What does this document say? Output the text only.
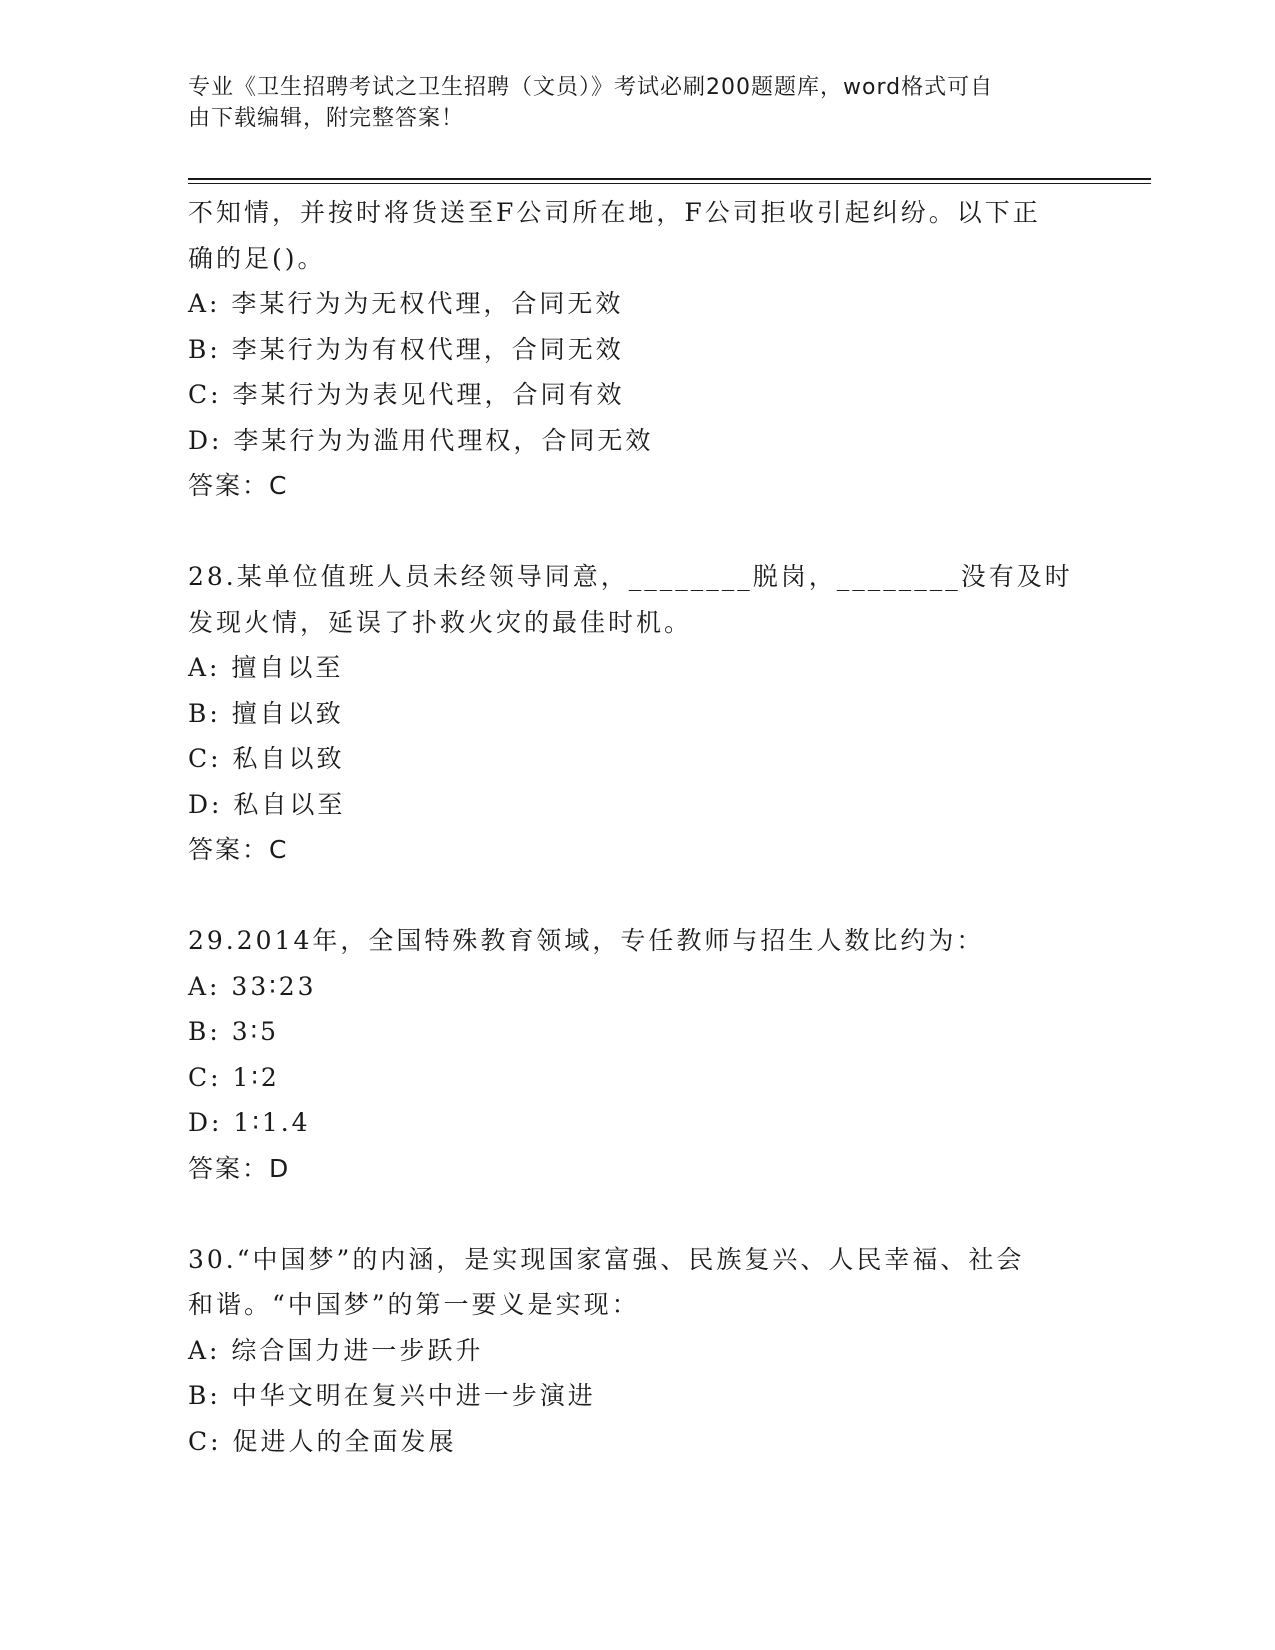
专业《卫生招聘考试之卫生招聘（文员）》考试必刷200题题库，word格式可自
由下载编辑，附完整答案！
不知情，并按时将货送至F公司所在地，F公司拒收引起纠纷。以下正
确的足()。
A: 李某行为为无权代理，合同无效
B: 李某行为为有权代理，合同无效
C: 李某行为为表见代理，合同有效
D: 李某行为为滥用代理权，合同无效
答案：C
28.某单位值班人员未经领导同意，________脱岗，________没有及时
发现火情，延误了扑救火灾的最佳时机。
A: 擅自以至
B: 擅自以致
C: 私自以致
D: 私自以至
答案：C
29.2014年，全国特殊教育领域，专任教师与招生人数比约为：
A: 33∶23
B: 3∶5
C: 1∶2
D: 1∶1.4
答案：D
30.“中国梦”的内涵，是实现国家富强、民族复兴、人民幸福、社会
和谐。“中国梦”的第一要义是实现：
A: 综合国力进一步跃升
B: 中华文明在复兴中进一步演进
C: 促进人的全面发展
